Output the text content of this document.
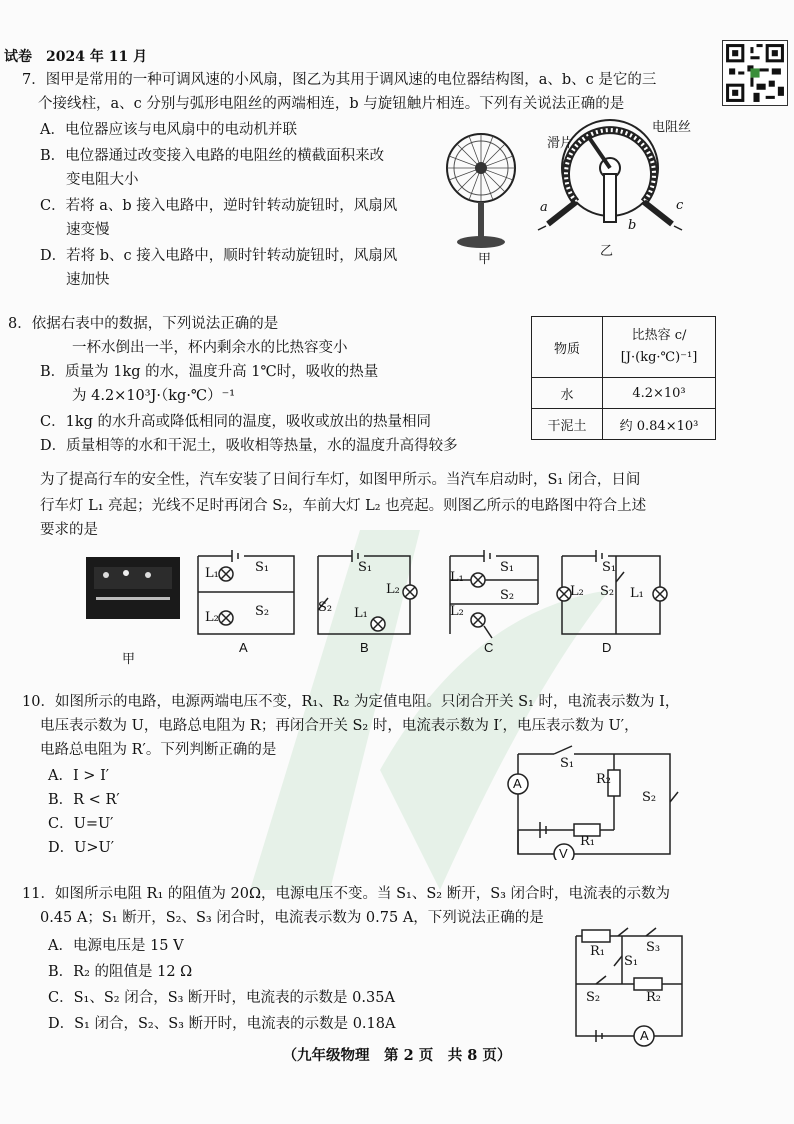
试卷　2024 年 11 月
7．图甲是常用的一种可调风速的小风扇，图乙为其用于调风速的电位器结构图，a、b、c 是它的三
个接线柱，a、c 分别与弧形电阻丝的两端相连，b 与旋钮触片相连。下列有关说法正确的是
A．电位器应该与电风扇中的电动机并联
B．电位器通过改变接入电路的电阻丝的横截面积来改
变电阻大小
C．若将 a、b 接入电路中，逆时针转动旋钮时，风扇风
速变慢
D．若将 b、c 接入电路中，顺时针转动旋钮时，风扇风
速加快
甲
滑片
电阻丝
a
b
c
乙
8．依据右表中的数据，下列说法正确的是
一杯水倒出一半，杯内剩余水的比热容变小
B．质量为 1kg 的水，温度升高 1℃时，吸收的热量
为 4.2×10³J·（kg·℃）⁻¹
C．1kg 的水升高或降低相同的温度，吸收或放出的热量相同
D．质量相等的水和干泥土，吸收相等热量，水的温度升高得较多
物质	比热容 c/
[J·(kg·℃)⁻¹]
水	4.2×10³
干泥土	约 0.84×10³
为了提高行车的安全性，汽车安装了日间行车灯，如图甲所示。当汽车启动时，S₁ 闭合，日间
行车灯 L₁ 亮起；光线不足时再闭合 S₂，车前大灯 L₂ 也亮起。则图乙所示的电路图中符合上述
要求的是
甲
L₁	S₁
L₂	S₂
A
S₁
L₂
S₂ L₁
B
L₁
S₁
S₂
L₂
C
L₂
S₁
S₂ L₁
D
10．如图所示的电路，电源两端电压不变，R₁、R₂ 为定值电阻。只闭合开关 S₁ 时，电流表示数为 I，
电压表示数为 U，电路总电阻为 R；再闭合开关 S₂ 时，电流表示数为 I′，电压表示数为 U′，
电路总电阻为 R′。下列判断正确的是
A．I > I′
B．R < R′
C．U=U′
D．U>U′
A
V
S₁
R₂
S₂
R₁
11．如图所示电阻 R₁ 的阻值为 20Ω，电源电压不变。当 S₁、S₂ 断开，S₃ 闭合时，电流表的示数为
0.45 A；S₁ 断开，S₂、S₃ 闭合时，电流表示数为 0.75 A，下列说法正确的是
A．电源电压是 15 V
B．R₂ 的阻值是 12 Ω
C．S₁、S₂ 闭合，S₃ 断开时，电流表的示数是 0.35A
D．S₁ 闭合，S₂、S₃ 断开时，电流表的示数是 0.18A
R₁	S₃
S₁
S₂	R₂
A
（九年级物理　第 2 页　共 8 页）
